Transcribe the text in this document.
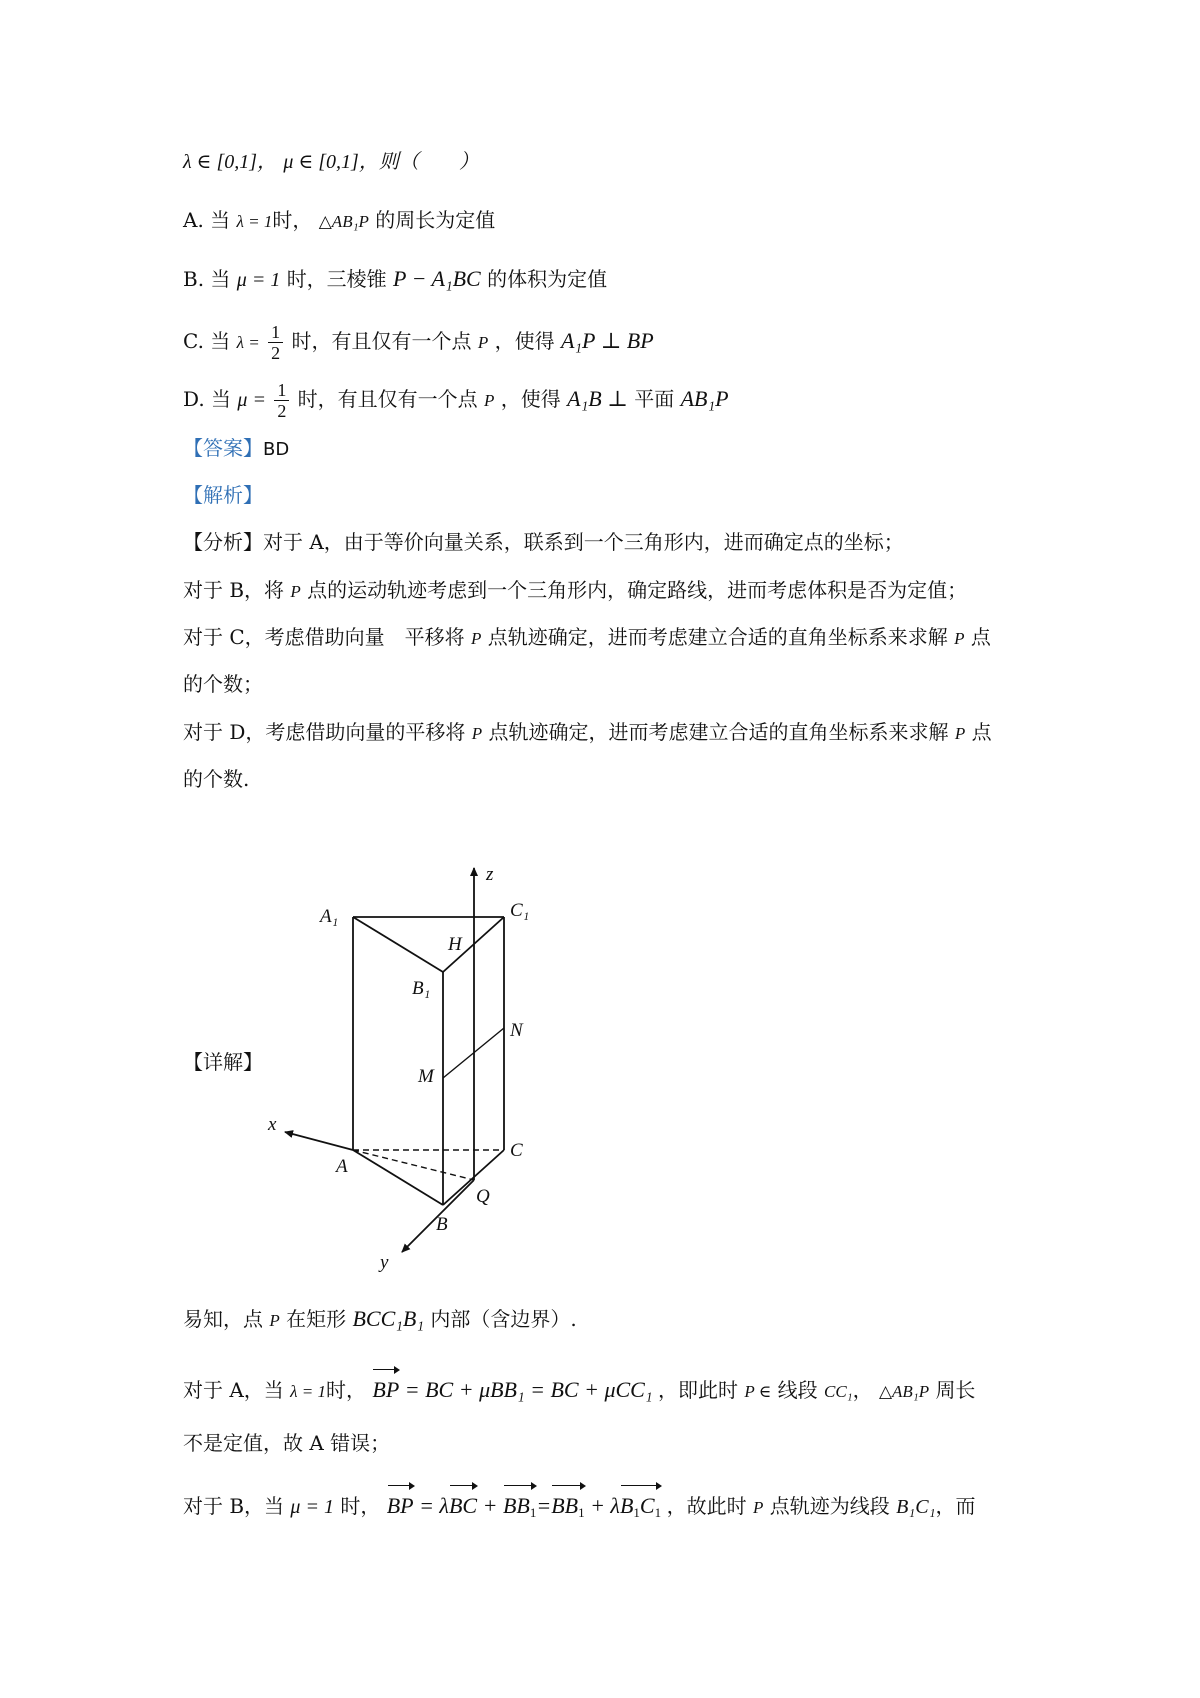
λ ∈ [0,1]， μ ∈ [0,1]，则（　　）
A. 当 λ = 1时， △AB₁P 的周长为定值
B. 当 μ = 1 时，三棱锥 P − A₁BC 的体积为定值
C. 当 $\lambda = \frac{1}{2}$ 时，有且仅有一个点 P ，使得 A₁P ⊥ BP
D. 当 $\mu = \frac{1}{2}$ 时，有且仅有一个点 P ，使得 A₁B ⊥ 平面 AB₁P
【答案】BD
【解析】
【分析】对于 A，由于等价向量关系，联系到一个三角形内，进而确定点的坐标；
对于 B，将 P 点的运动轨迹考虑到一个三角形内，确定路线，进而考虑体积是否为定值；
对于 C，考虑借助向量　平移将 P 点轨迹确定，进而考虑建立合适的直角坐标系来求解 P 点
的个数；
对于 D，考虑借助向量的平移将 P 点轨迹确定，进而考虑建立合适的直角坐标系来求解 P 点
的个数.
【详解】
z
A₁	C₁
H
B₁
N
M
x
C
A
Q
B
y
易知，点 P 在矩形 BCC₁B₁ 内部（含边界）.
对于 A，当 λ = 1时， BP = BC + μBB₁ = BC + μCC₁ ，即此时 P ∈ 线段 CC₁， △AB₁P 周长
不是定值，故 A 错误；
对于 B，当 μ = 1 时， BP = $\lambda BC + BB_1=BB_1 + \lambda B_1C_1$ ，故此时 P 点轨迹为线段 B₁C₁，而
